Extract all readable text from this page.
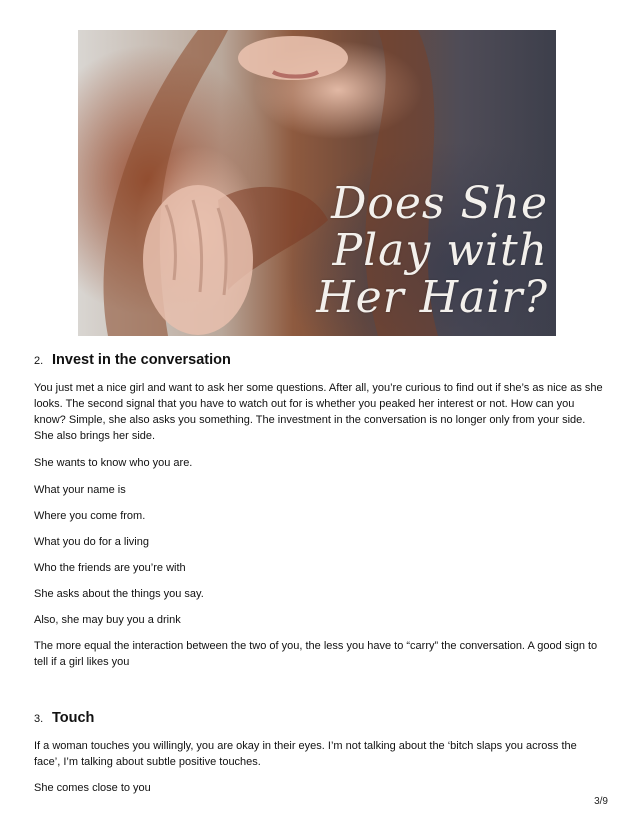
Does She
Play with
Her Hair?
2. Invest in the conversation

You just met a nice girl and want to ask her some questions. After all, you’re curious to find out if she’s as nice as she looks. The second signal that you have to watch out for is whether you peaked her interest or not. How can you know? Simple, she also asks you something. The investment in the conversation is no longer only from your side. She also brings her side.

She wants to know who you are.

What your name is

Where you come from.

What you do for a living

Who the friends are you’re with

She asks about the things you say.

Also, she may buy you a drink

The more equal the interaction between the two of you, the less you have to “carry” the conversation. A good sign to tell if a girl likes you

3. Touch

If a woman touches you willingly, you are okay in their eyes. I’m not talking about the ‘bitch slaps you across the face’, I’m talking about subtle positive touches.

She comes close to you

3/9
